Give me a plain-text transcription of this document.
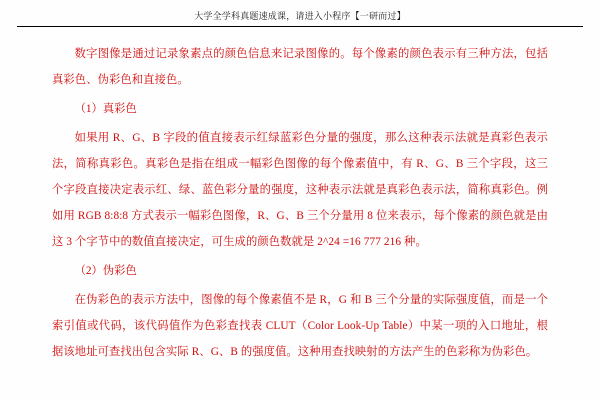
大学全学科真题速成课，请进入小程序【一研而过】

数字图像是通过记录象素点的颜色信息来记录图像的。每个像素的颜色表示有三种方法，包括真彩色、伪彩色和直接色。

（1）真彩色

如果用 R、G、B 字段的值直接表示红绿蓝彩色分量的强度，那么这种表示法就是真彩色表示法，简称真彩色。真彩色是指在组成一幅彩色图像的每个像素值中，有 R、G、B 三个字段，这三个字段直接决定表示红、绿、蓝色彩分量的强度，这种表示法就是真彩色表示法，简称真彩色。例如用 RGB 8:8:8 方式表示一幅彩色图像，R、G、B 三个分量用 8 位来表示，每个像素的颜色就是由这 3 个字节中的数值直接决定，可生成的颜色数就是 2^24 =16 777 216 种。

（2）伪彩色

在伪彩色的表示方法中，图像的每个像素值不是 R，G 和 B 三个分量的实际强度值，而是一个索引值或代码，该代码值作为色彩查找表 CLUT（Color Look-Up Table）中某一项的入口地址，根据该地址可查找出包含实际 R、G、B 的强度值。这种用查找映射的方法产生的色彩称为伪彩色。
